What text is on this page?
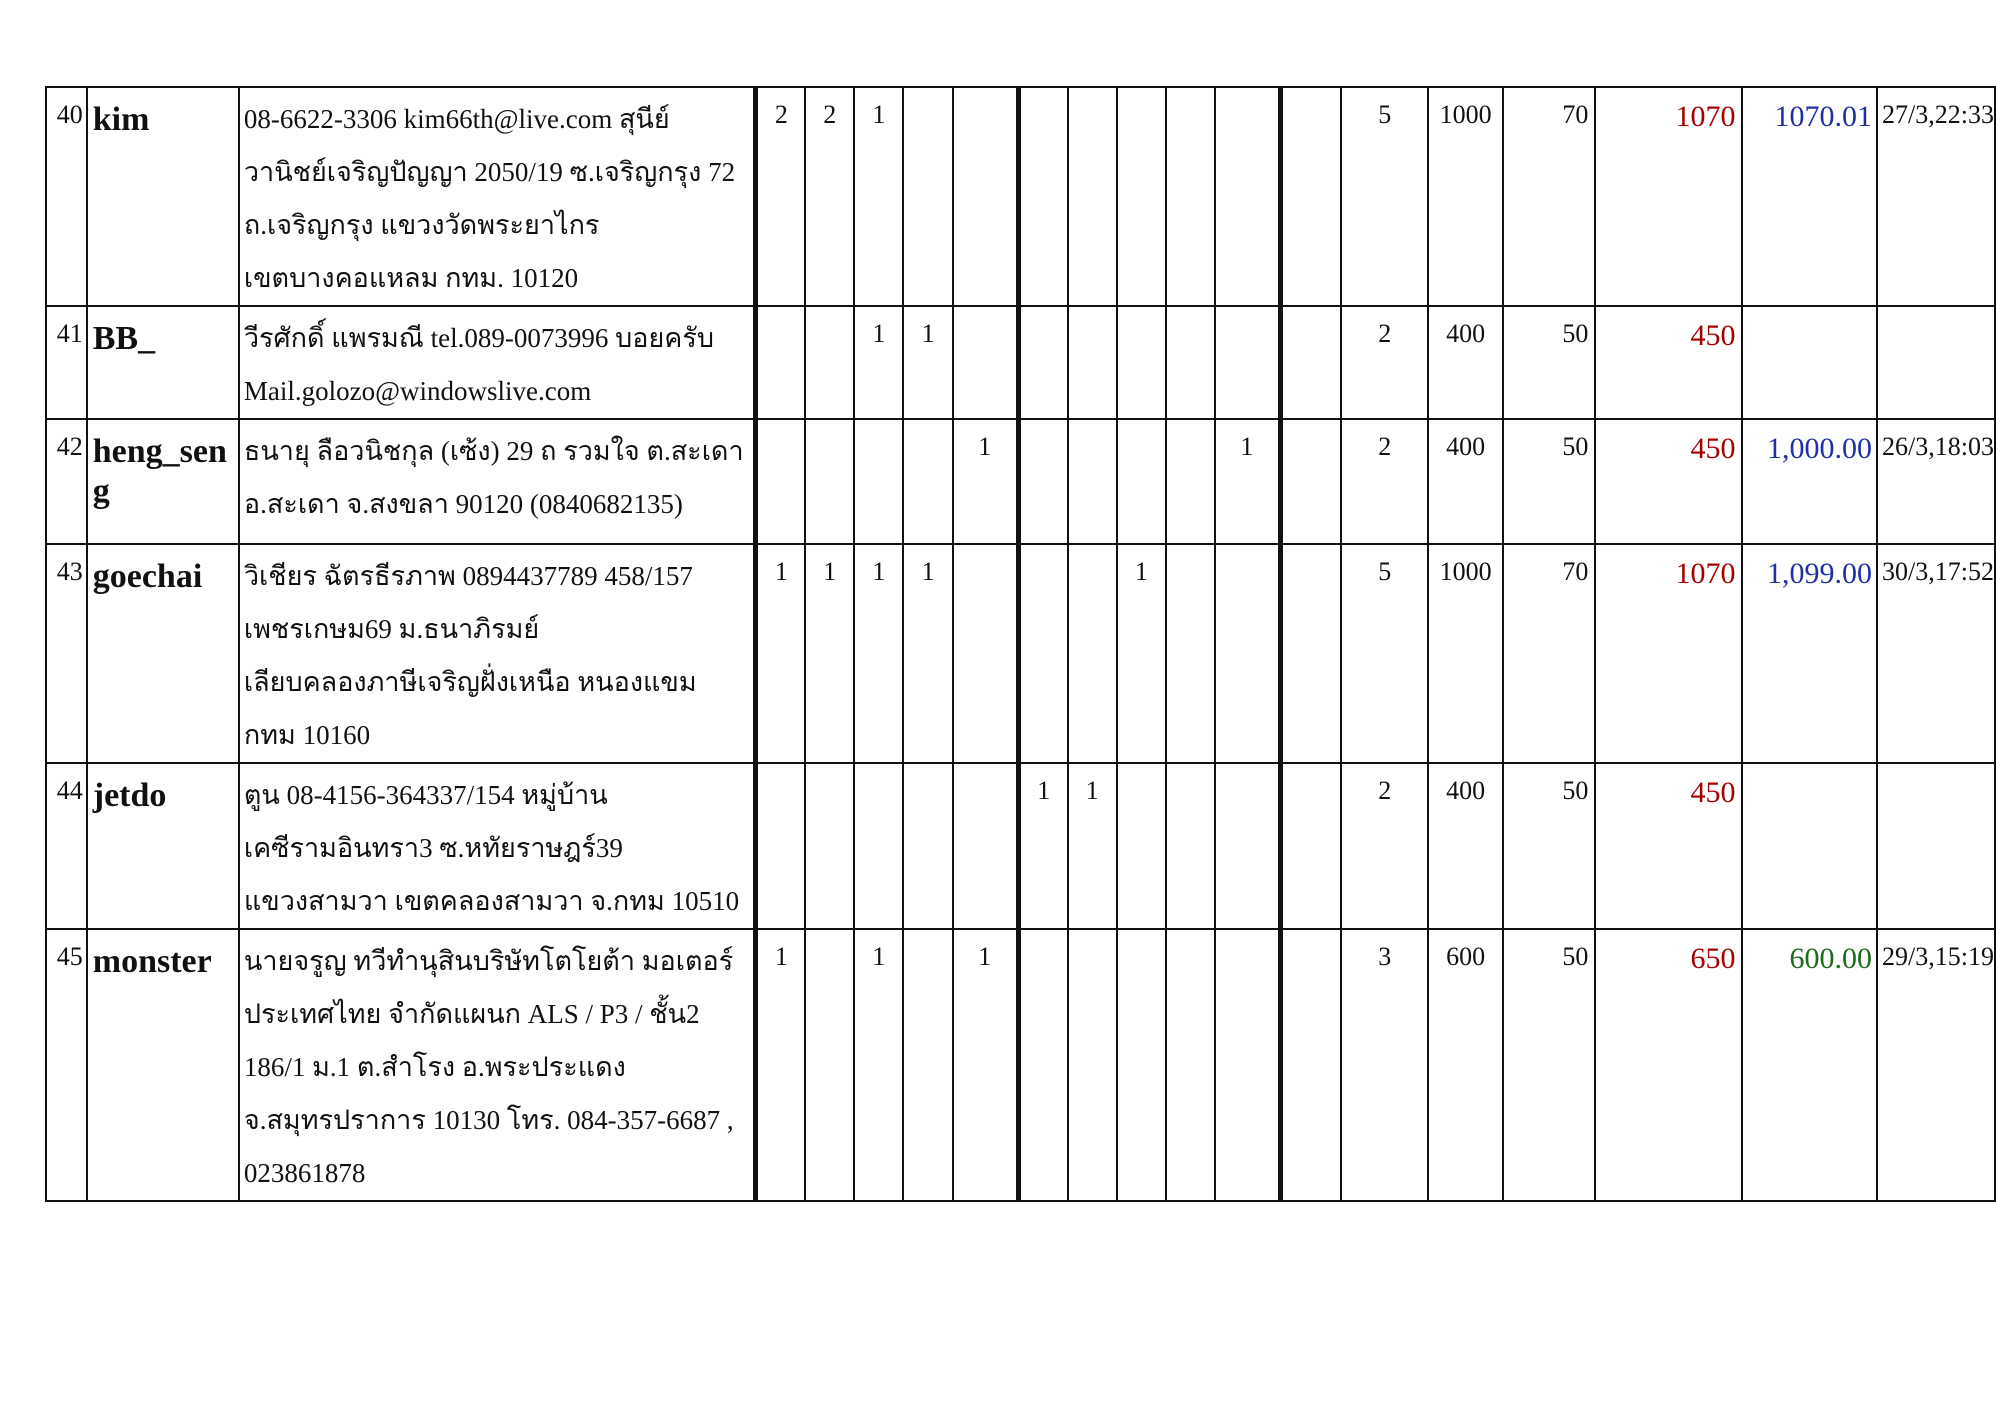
40	kim	08-6622-3306 kim66th@live.com สุนีย์
วานิชย์เจริญปัญญา 2050/19 ซ.เจริญกรุง 72
ถ.เจริญกรุง แขวงวัดพระยาไกร
เขตบางคอแหลม กทม. 10120	2	2	1									5	1000	70	1070	1070.01	27/3,22:33
41	BB_	วีรศักดิ์ แพรมณี tel.089-0073996 บอยครับ
Mail.golozo@windowslive.com			1	1								2	400	50	450		
42	heng_seng	ธนายุ ลือวนิชกุล (เซ้ง) 29 ถ รวมใจ ต.สะเดา
อ.สะเดา จ.สงขลา 90120 (0840682135)					1					1		2	400	50	450	1,000.00	26/3,18:03
43	goechai	วิเชียร ฉัตรธีรภาพ 0894437789 458/157
เพชรเกษม69 ม.ธนาภิรมย์
เลียบคลองภาษีเจริญฝั่งเหนือ หนองแขม
กทม 10160	1	1	1	1				1				5	1000	70	1070	1,099.00	30/3,17:52
44	jetdo	ตูน 08-4156-364337/154 หมู่บ้าน
เคซีรามอินทรา3 ซ.หทัยราษฎร์39
แขวงสามวา เขตคลองสามวา จ.กทม 10510						1	1					2	400	50	450		
45	monster	นายจรูญ ทวีทำนุสินบริษัทโตโยต้า มอเตอร์
ประเทศไทย จำกัดแผนก ALS / P3 / ชั้น2
186/1 ม.1 ต.สำโรง อ.พระประแดง
จ.สมุทรปราการ 10130 โทร. 084-357-6687 ,
023861878	1		1		1							3	600	50	650	600.00	29/3,15:19
